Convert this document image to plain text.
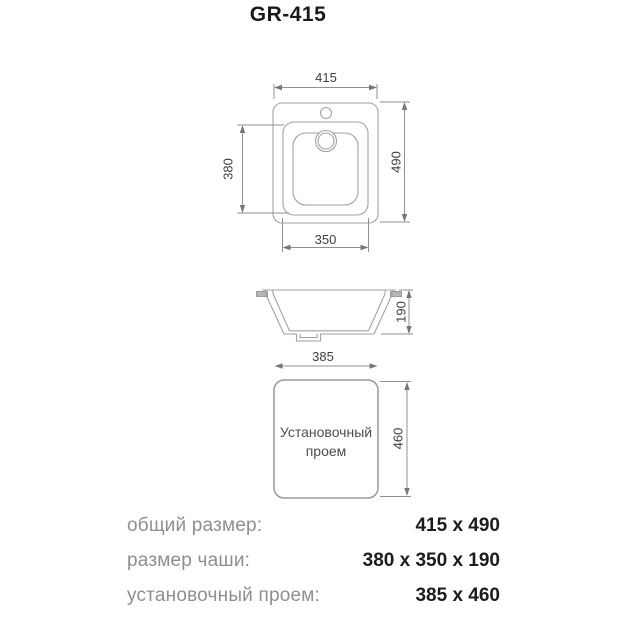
GR-415
415
490
380
350
190
385
Установочный
проем
460
общий размер:	415 x 490
размер чаши:	380 x 350 x 190
установочный проем:	385 x 460
